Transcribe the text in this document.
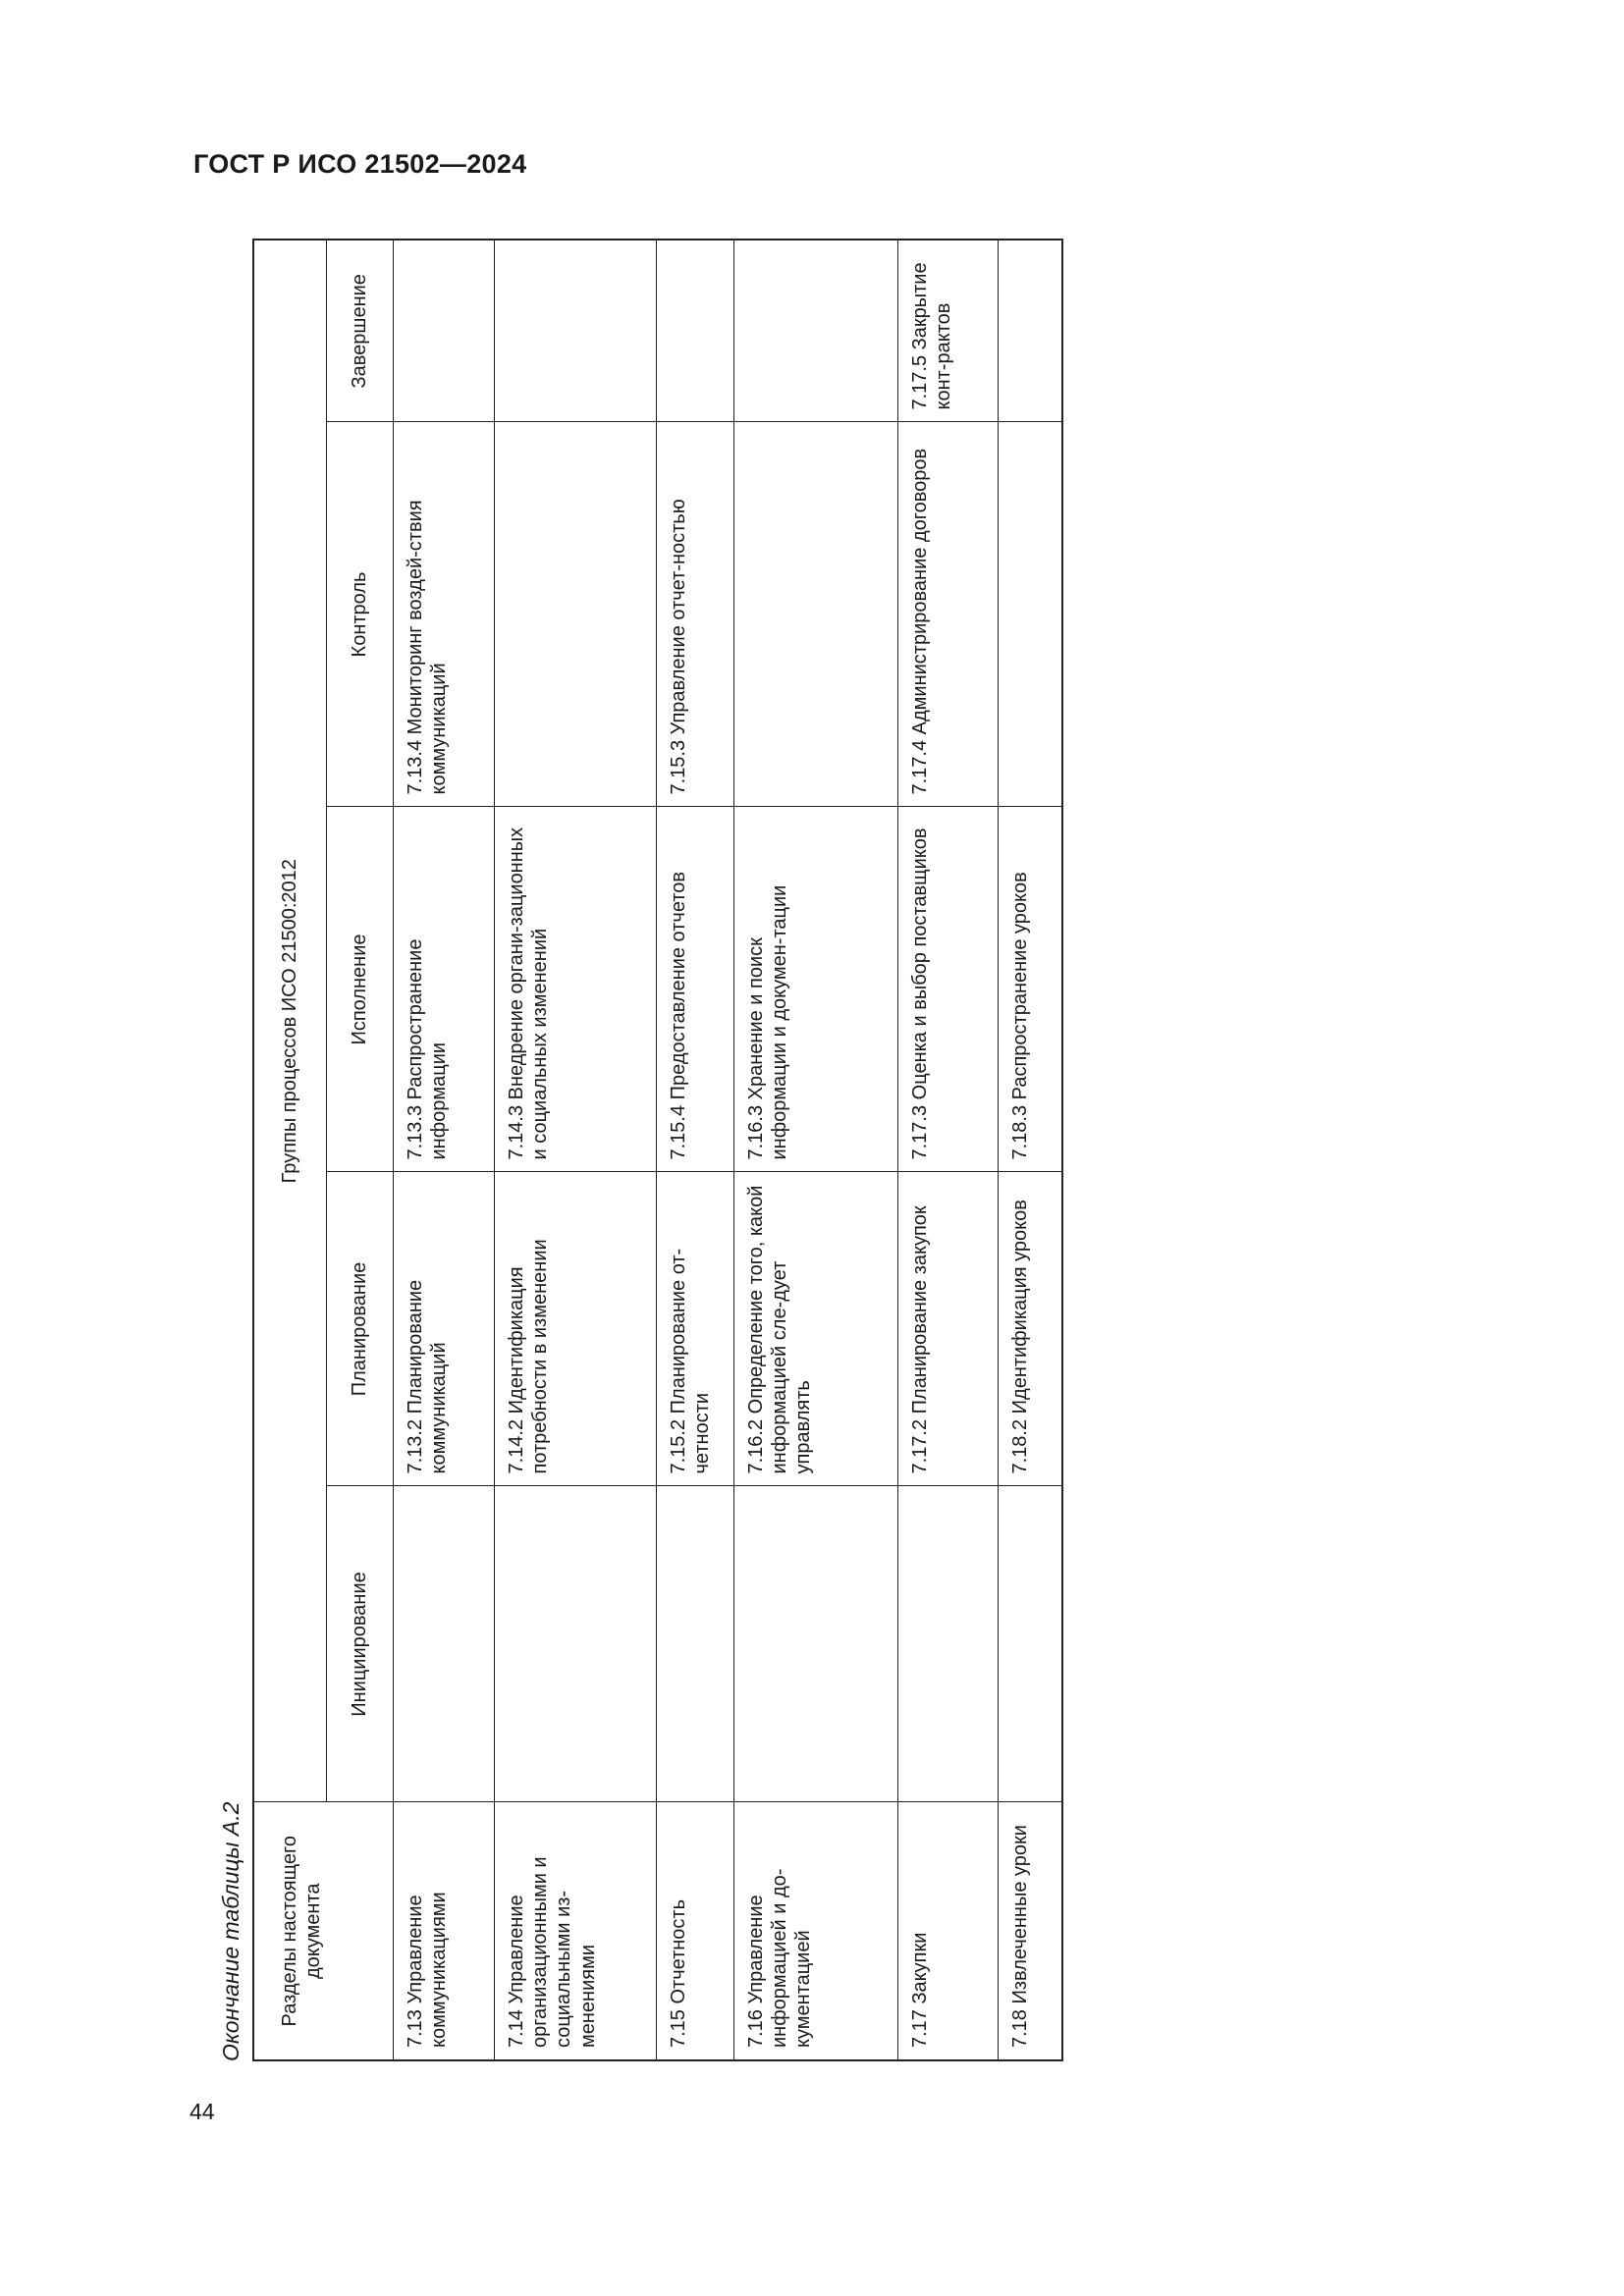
ГОСТ Р ИСО 21502—2024
Окончание таблицы А.2
44
Разделы настоящего документа	Группы процессов ИСО 21500:2012				
	Инициирование	Планирование	Исполнение	Контроль	Завершение
7.13 Управление коммуникациями		7.13.2 Планирование коммуникаций	7.13.3 Распространение информации	7.13.4 Мониторинг воздей-ствия коммуникаций	
7.14 Управление организационными и социальными из-менениями		7.14.2 Идентификация потребности в изменении	7.14.3 Внедрение органи-зационных и социальных изменений		
7.15 Отчетность		7.15.2 Планирование от-четности	7.15.4 Предоставление отчетов	7.15.3 Управление отчет-ностью	
7.16 Управление информацией и до-кументацией		7.16.2 Определение того, какой информацией сле-дует управлять	7.16.3 Хранение и поиск информации и докумен-тации		
7.17 Закупки		7.17.2 Планирование закупок	7.17.3 Оценка и выбор поставщиков	7.17.4 Администрирование договоров	7.17.5 Закрытие конт-рактов
7.18 Извлеченные уроки		7.18.2 Идентификация уроков	7.18.3 Распространение уроков		
